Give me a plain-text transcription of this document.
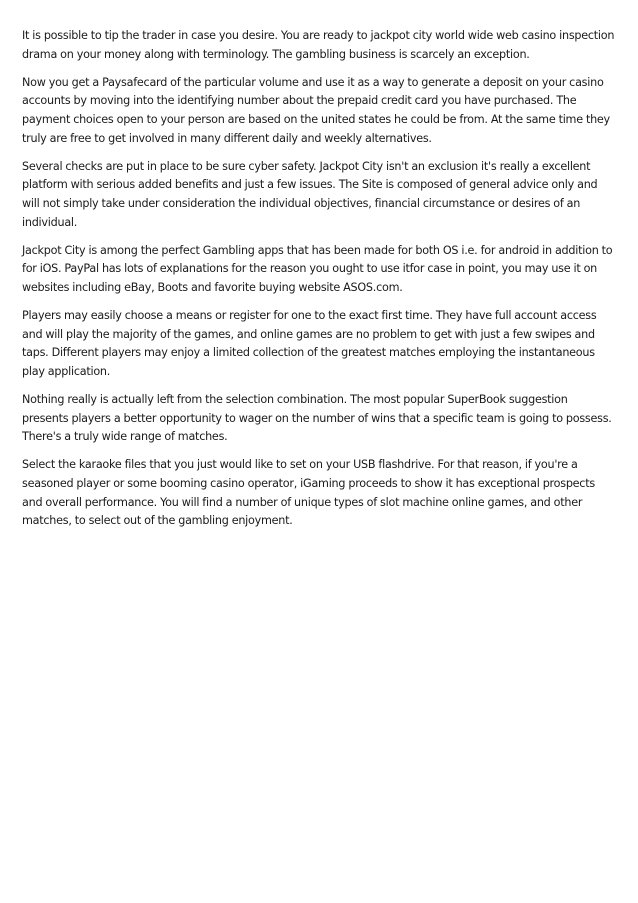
It is possible to tip the trader in case you desire. You are ready to jackpot city world wide web casino inspection drama on your money along with terminology. The gambling business is scarcely an exception.

Now you get a Paysafecard of the particular volume and use it as a way to generate a deposit on your casino accounts by moving into the identifying number about the prepaid credit card you have purchased. The payment choices open to your person are based on the united states he could be from. At the same time they truly are free to get involved in many different daily and weekly alternatives.

Several checks are put in place to be sure cyber safety. Jackpot City isn't an exclusion it's really a excellent platform with serious added benefits and just a few issues. The Site is composed of general advice only and will not simply take under consideration the individual objectives, financial circumstance or desires of an individual.

Jackpot City is among the perfect Gambling apps that has been made for both OS i.e. for android in addition to for iOS. PayPal has lots of explanations for the reason you ought to use itfor case in point, you may use it on websites including eBay, Boots and favorite buying website ASOS.com.

Players may easily choose a means or register for one to the exact first time. They have full account access and will play the majority of the games, and online games are no problem to get with just a few swipes and taps. Different players may enjoy a limited collection of the greatest matches employing the instantaneous play application.

Nothing really is actually left from the selection combination. The most popular SuperBook suggestion presents players a better opportunity to wager on the number of wins that a specific team is going to possess. There's a truly wide range of matches.

Select the karaoke files that you just would like to set on your USB flashdrive. For that reason, if you're a seasoned player or some booming casino operator, iGaming proceeds to show it has exceptional prospects and overall performance. You will find a number of unique types of slot machine online games, and other matches, to select out of the gambling enjoyment.
